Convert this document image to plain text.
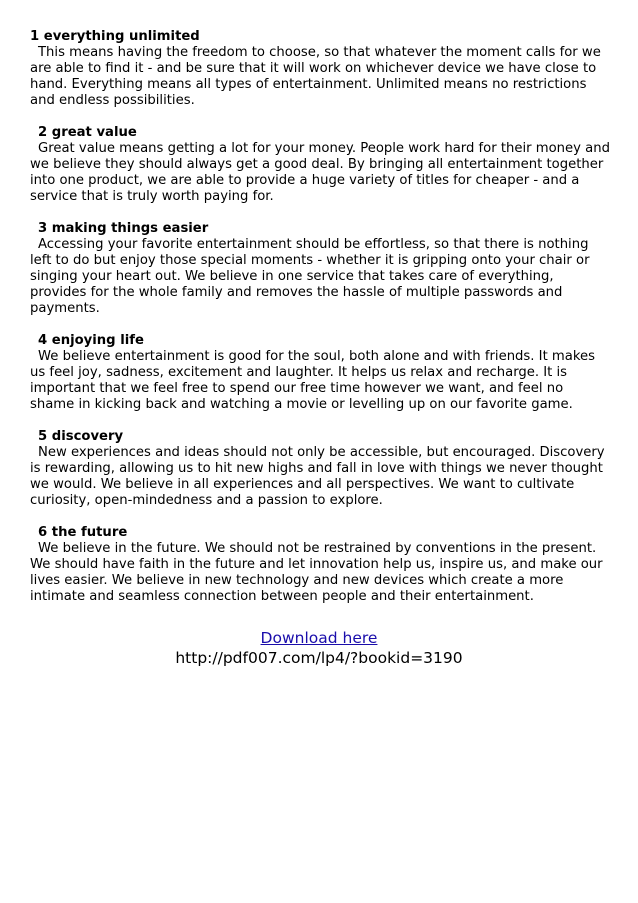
1 everything unlimited
This means having the freedom to choose, so that whatever the moment calls for we are able to find it - and be sure that it will work on whichever device we have close to hand. Everything means all types of entertainment. Unlimited means no restrictions and endless possibilities.
2 great value
Great value means getting a lot for your money. People work hard for their money and we believe they should always get a good deal. By bringing all entertainment together into one product, we are able to provide a huge variety of titles for cheaper - and a service that is truly worth paying for.
3 making things easier
Accessing your favorite entertainment should be effortless, so that there is nothing left to do but enjoy those special moments - whether it is gripping onto your chair or singing your heart out. We believe in one service that takes care of everything, provides for the whole family and removes the hassle of multiple passwords and payments.
4 enjoying life
We believe entertainment is good for the soul, both alone and with friends. It makes us feel joy, sadness, excitement and laughter. It helps us relax and recharge. It is important that we feel free to spend our free time however we want, and feel no shame in kicking back and watching a movie or levelling up on our favorite game.
5 discovery
New experiences and ideas should not only be accessible, but encouraged. Discovery is rewarding, allowing us to hit new highs and fall in love with things we never thought we would. We believe in all experiences and all perspectives. We want to cultivate curiosity, open-mindedness and a passion to explore.
6 the future
We believe in the future. We should not be restrained by conventions in the present. We should have faith in the future and let innovation help us, inspire us, and make our lives easier. We believe in new technology and new devices which create a more intimate and seamless connection between people and their entertainment.
Download here
http://pdf007.com/lp4/?bookid=3190
